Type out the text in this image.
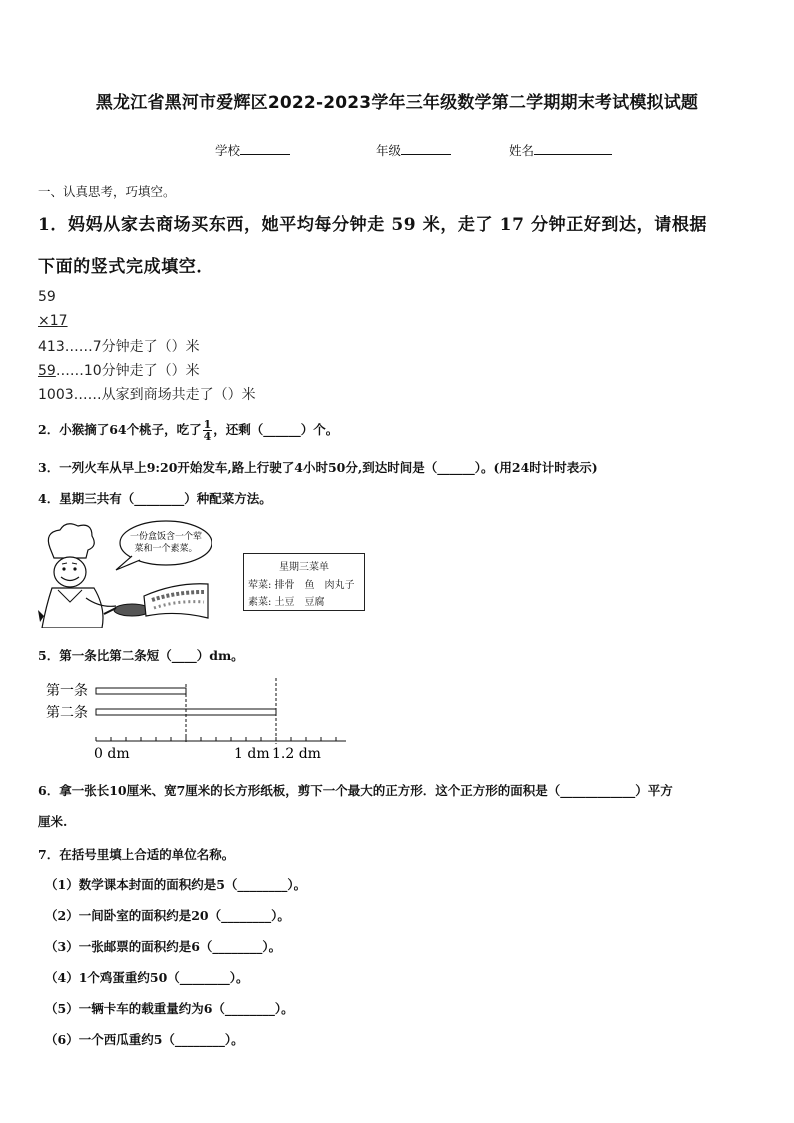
黑龙江省黑河市爱辉区2022-2023学年三年级数学第二学期期末考试模拟试题
学校	年级	姓名
一、认真思考，巧填空。
1．妈妈从家去商场买东西，她平均每分钟走 59 米，走了 17 分钟正好到达，请根据
下面的竖式完成填空．
59
×17
413……7分钟走了（）米
59……10分钟走了（）米
1003……从家到商场共走了（）米
2．小猴摘了64个桃子，吃了 $\frac{1}{4}$ ，还剩（______）个。
3．一列火车从早上9:20开始发车,路上行驶了4小时50分,到达时间是（______）。(用24时计时表示)
4．星期三共有（________）种配菜方法。
一份盒饭含一个荤
菜和一个素菜。
星期三菜单
荤菜: 排骨　鱼　肉丸子
素菜: 土豆　豆腐
5．第一条比第二条短（____）dm。
第一条
第二条
0 dm	1 dm 1.2 dm
6．拿一张长10厘米、宽7厘米的长方形纸板，剪下一个最大的正方形．这个正方形的面积是（____________）平方
厘米.
7．在括号里填上合适的单位名称。
（1）数学课本封面的面积约是5（________）。
（2）一间卧室的面积约是20（________）。
（3）一张邮票的面积约是6（________）。
（4）1个鸡蛋重约50（________）。
（5）一辆卡车的载重量约为6（________）。
（6）一个西瓜重约5（________）。
